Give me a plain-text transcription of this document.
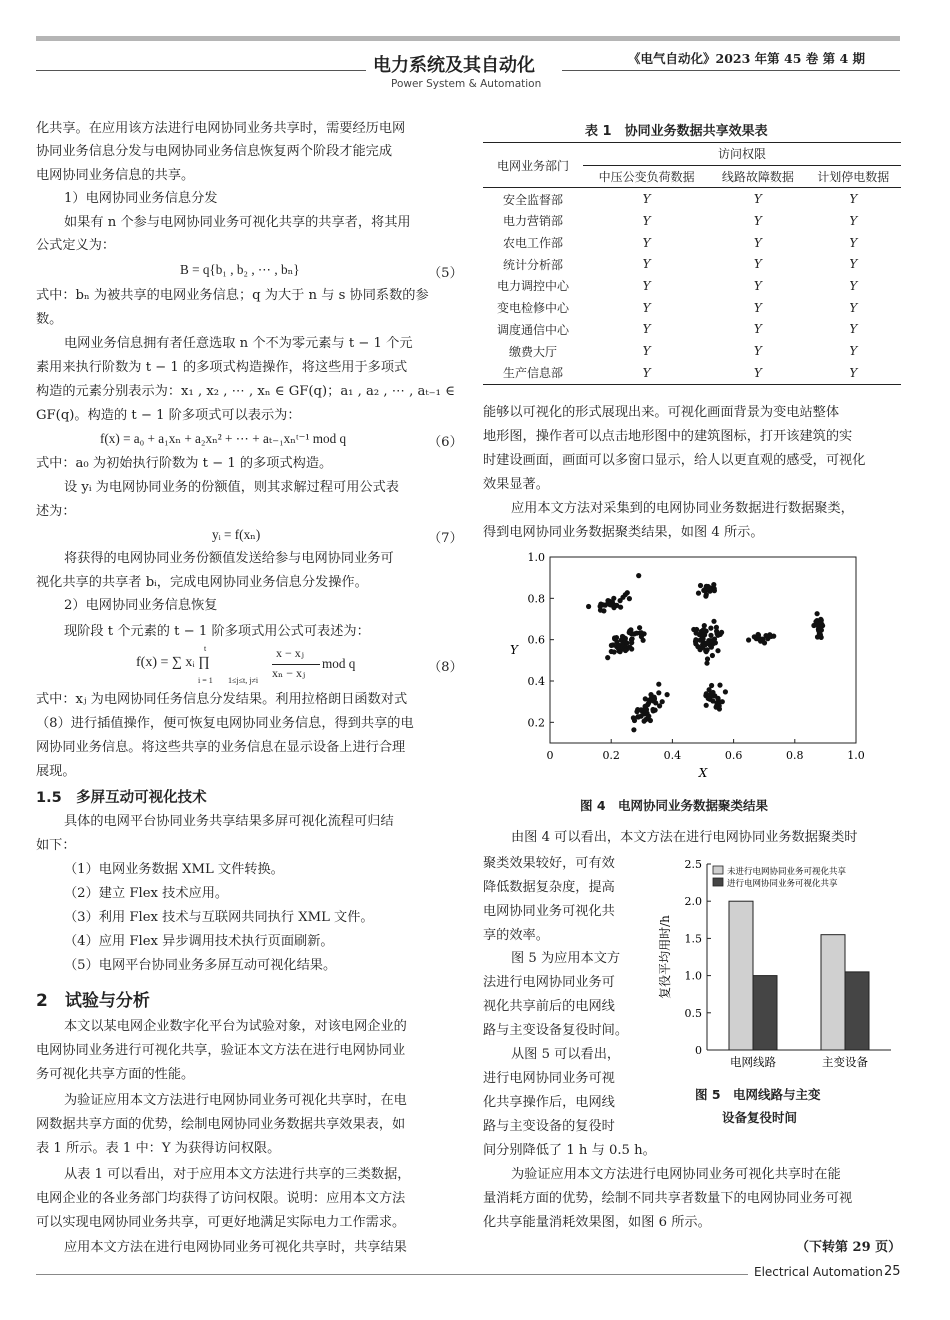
电力系统及其自动化
Power System & Automation
《电气自动化》2023 年第 45 卷 第 4 期
化共享。在应用该方法进行电网协同业务共享时，需要经历电网
协同业务信息分发与电网协同业务信息恢复两个阶段才能完成
电网协同业务信息的共享。
1）电网协同业务信息分发
如果有 n 个参与电网协同业务可视化共享的共享者，将其用
公式定义为：
B = q{b₁ , b₂ , ⋯ , bₙ}	（5）
式中：bₙ 为被共享的电网业务信息；q 为大于 n 与 s 协同系数的参
数。
电网业务信息拥有者任意选取 n 个不为零元素与 t − 1 个元
素用来执行阶数为 t − 1 的多项式构造操作，将这些用于多项式
构造的元素分别表示为：x₁ , x₂ , ⋯ , xₙ ∈ GF(q)；a₁ , a₂ , ⋯ , aₜ₋₁ ∈
GF(q)。构造的 t − 1 阶多项式可以表示为：
f(x) = a₀ + a₁xₙ + a₂xₙ² + ⋯ + aₜ₋₁xₙᵗ⁻¹ mod q	（6）
式中：a₀ 为初始执行阶数为 t − 1 的多项式构造。
设 yᵢ 为电网协同业务的份额值，则其求解过程可用公式表
述为：
yᵢ = f(xₙ)	（7）
将获得的电网协同业务份额值发送给参与电网协同业务可
视化共享的共享者 bᵢ，完成电网协同业务信息分发操作。
2）电网协同业务信息恢复
现阶段 t 个元素的 t − 1 阶多项式用公式可表述为：
f(x) = ∑ xᵢ ∏
t
i = 1 1≤j≤t, j≠i
x − xⱼ
xₙ − xⱼ
mod q	（8）
式中：xⱼ 为电网协同任务信息分发结果。利用拉格朗日函数对式
（8）进行插值操作，便可恢复电网协同业务信息，得到共享的电
网协同业务信息。将这些共享的业务信息在显示设备上进行合理
展现。
1.5　多屏互动可视化技术
具体的电网平台协同业务共享结果多屏可视化流程可归结
如下：
（1）电网业务数据 XML 文件转换。
（2）建立 Flex 技术应用。
（3）利用 Flex 技术与互联网共同执行 XML 文件。
（4）应用 Flex 异步调用技术执行页面刷新。
（5）电网平台协同业务多屏互动可视化结果。
2　试验与分析
本文以某电网企业数字化平台为试验对象，对该电网企业的
电网协同业务进行可视化共享，验证本文方法在进行电网协同业
务可视化共享方面的性能。
为验证应用本文方法进行电网协同业务可视化共享时，在电
网数据共享方面的优势，绘制电网协同业务数据共享效果表，如
表 1 所示。表 1 中：Y 为获得访问权限。
从表 1 可以看出，对于应用本文方法进行共享的三类数据，
电网企业的各业务部门均获得了访问权限。说明：应用本文方法
可以实现电网协同业务共享，可更好地满足实际电力工作需求。
应用本文方法在进行电网协同业务可视化共享时，共享结果
表 1　协同业务数据共享效果表
电网业务部门	访问权限		
	中压公变负荷数据	线路故障数据	计划停电数据
安全监督部	Y	Y	Y
电力营销部	Y	Y	Y
农电工作部	Y	Y	Y
统计分析部	Y	Y	Y
电力调控中心	Y	Y	Y
变电检修中心	Y	Y	Y
调度通信中心	Y	Y	Y
缴费大厅	Y	Y	Y
生产信息部	Y	Y	Y
能够以可视化的形式展现出来。可视化画面背景为变电站整体
地形图，操作者可以点击地形图中的建筑图标，打开该建筑的实
时建设画面，画面可以多窗口显示，给人以更直观的感受，可视化
效果显著。
应用本文方法对采集到的电网协同业务数据进行数据聚类，
得到电网协同业务数据聚类结果，如图 4 所示。
0	0.2	0.4	0.6	0.8	1.0
0.2
0.4
0.6
0.8
1.0
X
Y
图 4　电网协同业务数据聚类结果
由图 4 可以看出，本文方法在进行电网协同业务数据聚类时
聚类效果较好，可有效
降低数据复杂度，提高
电网协同业务可视化共
享的效率。
图 5 为应用本文方
法进行电网协同业务可
视化共享前后的电网线
路与主变设备复役时间。
从图 5 可以看出，
进行电网协同业务可视
化共享操作后，电网线
路与主变设备的复役时
间分别降低了 1 h 与 0.5 h。
0
0.5
1.0
1.5
2.0
2.5
电网线路	主变设备
未进行电网协同业务可视化共享
进行电网协同业务可视化共享
复役平均用时/h
图 5　电网线路与主变
设备复役时间
为验证应用本文方法进行电网协同业务可视化共享时在能
量消耗方面的优势，绘制不同共享者数量下的电网协同业务可视
化共享能量消耗效果图，如图 6 所示。
（下转第 29 页）
Electrical Automation 25
